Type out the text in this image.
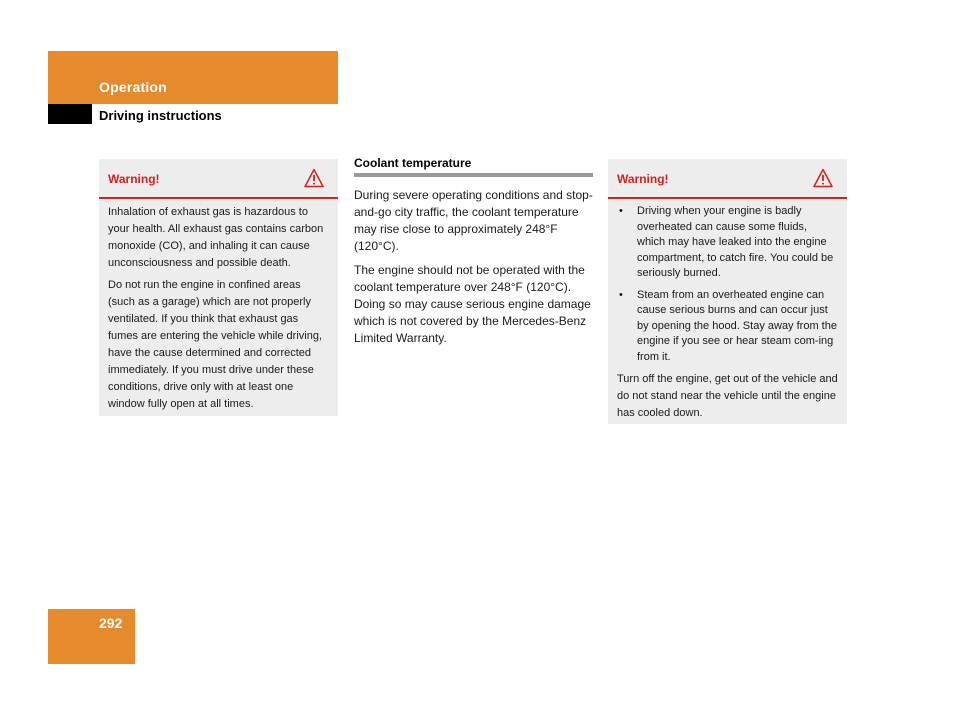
Operation
Driving instructions
Warning!

Inhalation of exhaust gas is hazardous to your health. All exhaust gas contains carbon monoxide (CO), and inhaling it can cause unconsciousness and possible death.

Do not run the engine in confined areas (such as a garage) which are not properly ventilated. If you think that exhaust gas fumes are entering the vehicle while driving, have the cause determined and corrected immediately. If you must drive under these conditions, drive only with at least one window fully open at all times.

Coolant temperature

During severe operating conditions and stop-and-go city traffic, the coolant temperature may rise close to approximately 248°F (120°C).

The engine should not be operated with the coolant temperature over 248°F (120°C). Doing so may cause serious engine damage which is not covered by the Mercedes-Benz Limited Warranty.

Warning!
• Driving when your engine is badly overheated can cause some fluids, which may have leaked into the engine compartment, to catch fire. You could be seriously burned.
• Steam from an overheated engine can cause serious burns and can occur just by opening the hood. Stay away from the engine if you see or hear steam com-ing from it.

Turn off the engine, get out of the vehicle and do not stand near the vehicle until the engine has cooled down.

292
